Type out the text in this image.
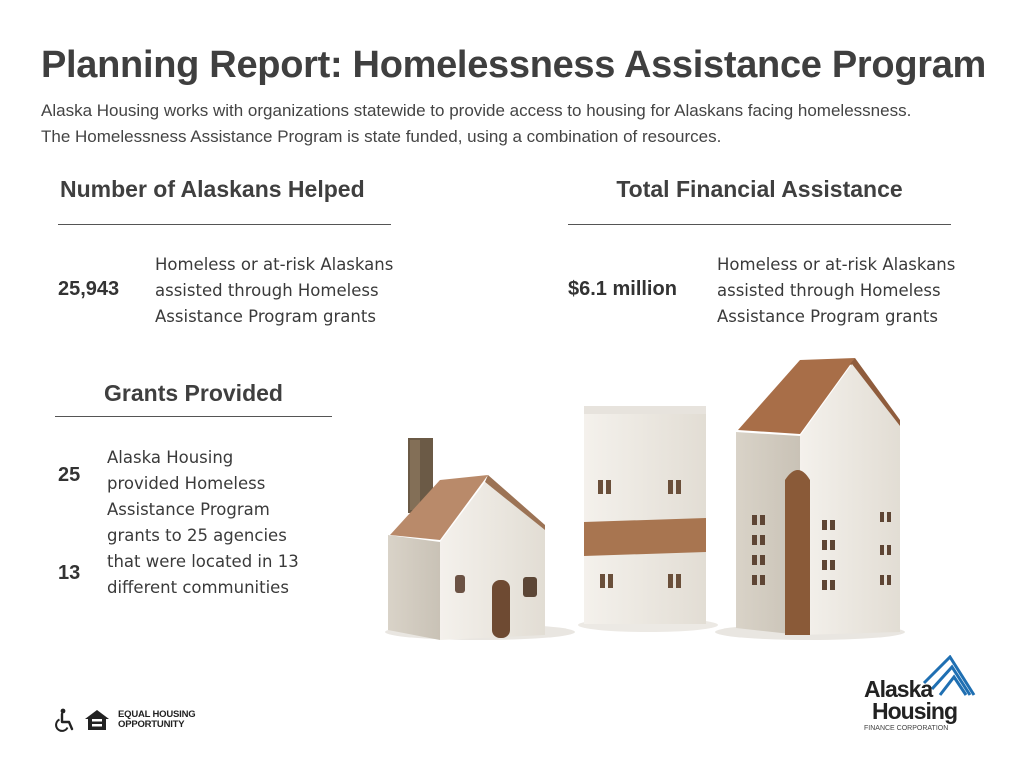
Planning Report: Homelessness Assistance Program
Alaska Housing works with organizations statewide to provide access to housing for Alaskans facing homelessness.
The Homelessness Assistance Program is state funded, using a combination of resources.
Number of Alaskans Helped
25,943
Homeless or at-risk Alaskans
assisted through Homeless
Assistance Program grants
Total Financial Assistance
$6.1 million
Homeless or at-risk Alaskans
assisted through Homeless
Assistance Program grants
Grants Provided
25
13
Alaska Housing
provided Homeless
Assistance Program
grants to 25 agencies
that were located in 13
different communities
EQUAL HOUSING
OPPORTUNITY
Alaska
Housing
FINANCE CORPORATION
